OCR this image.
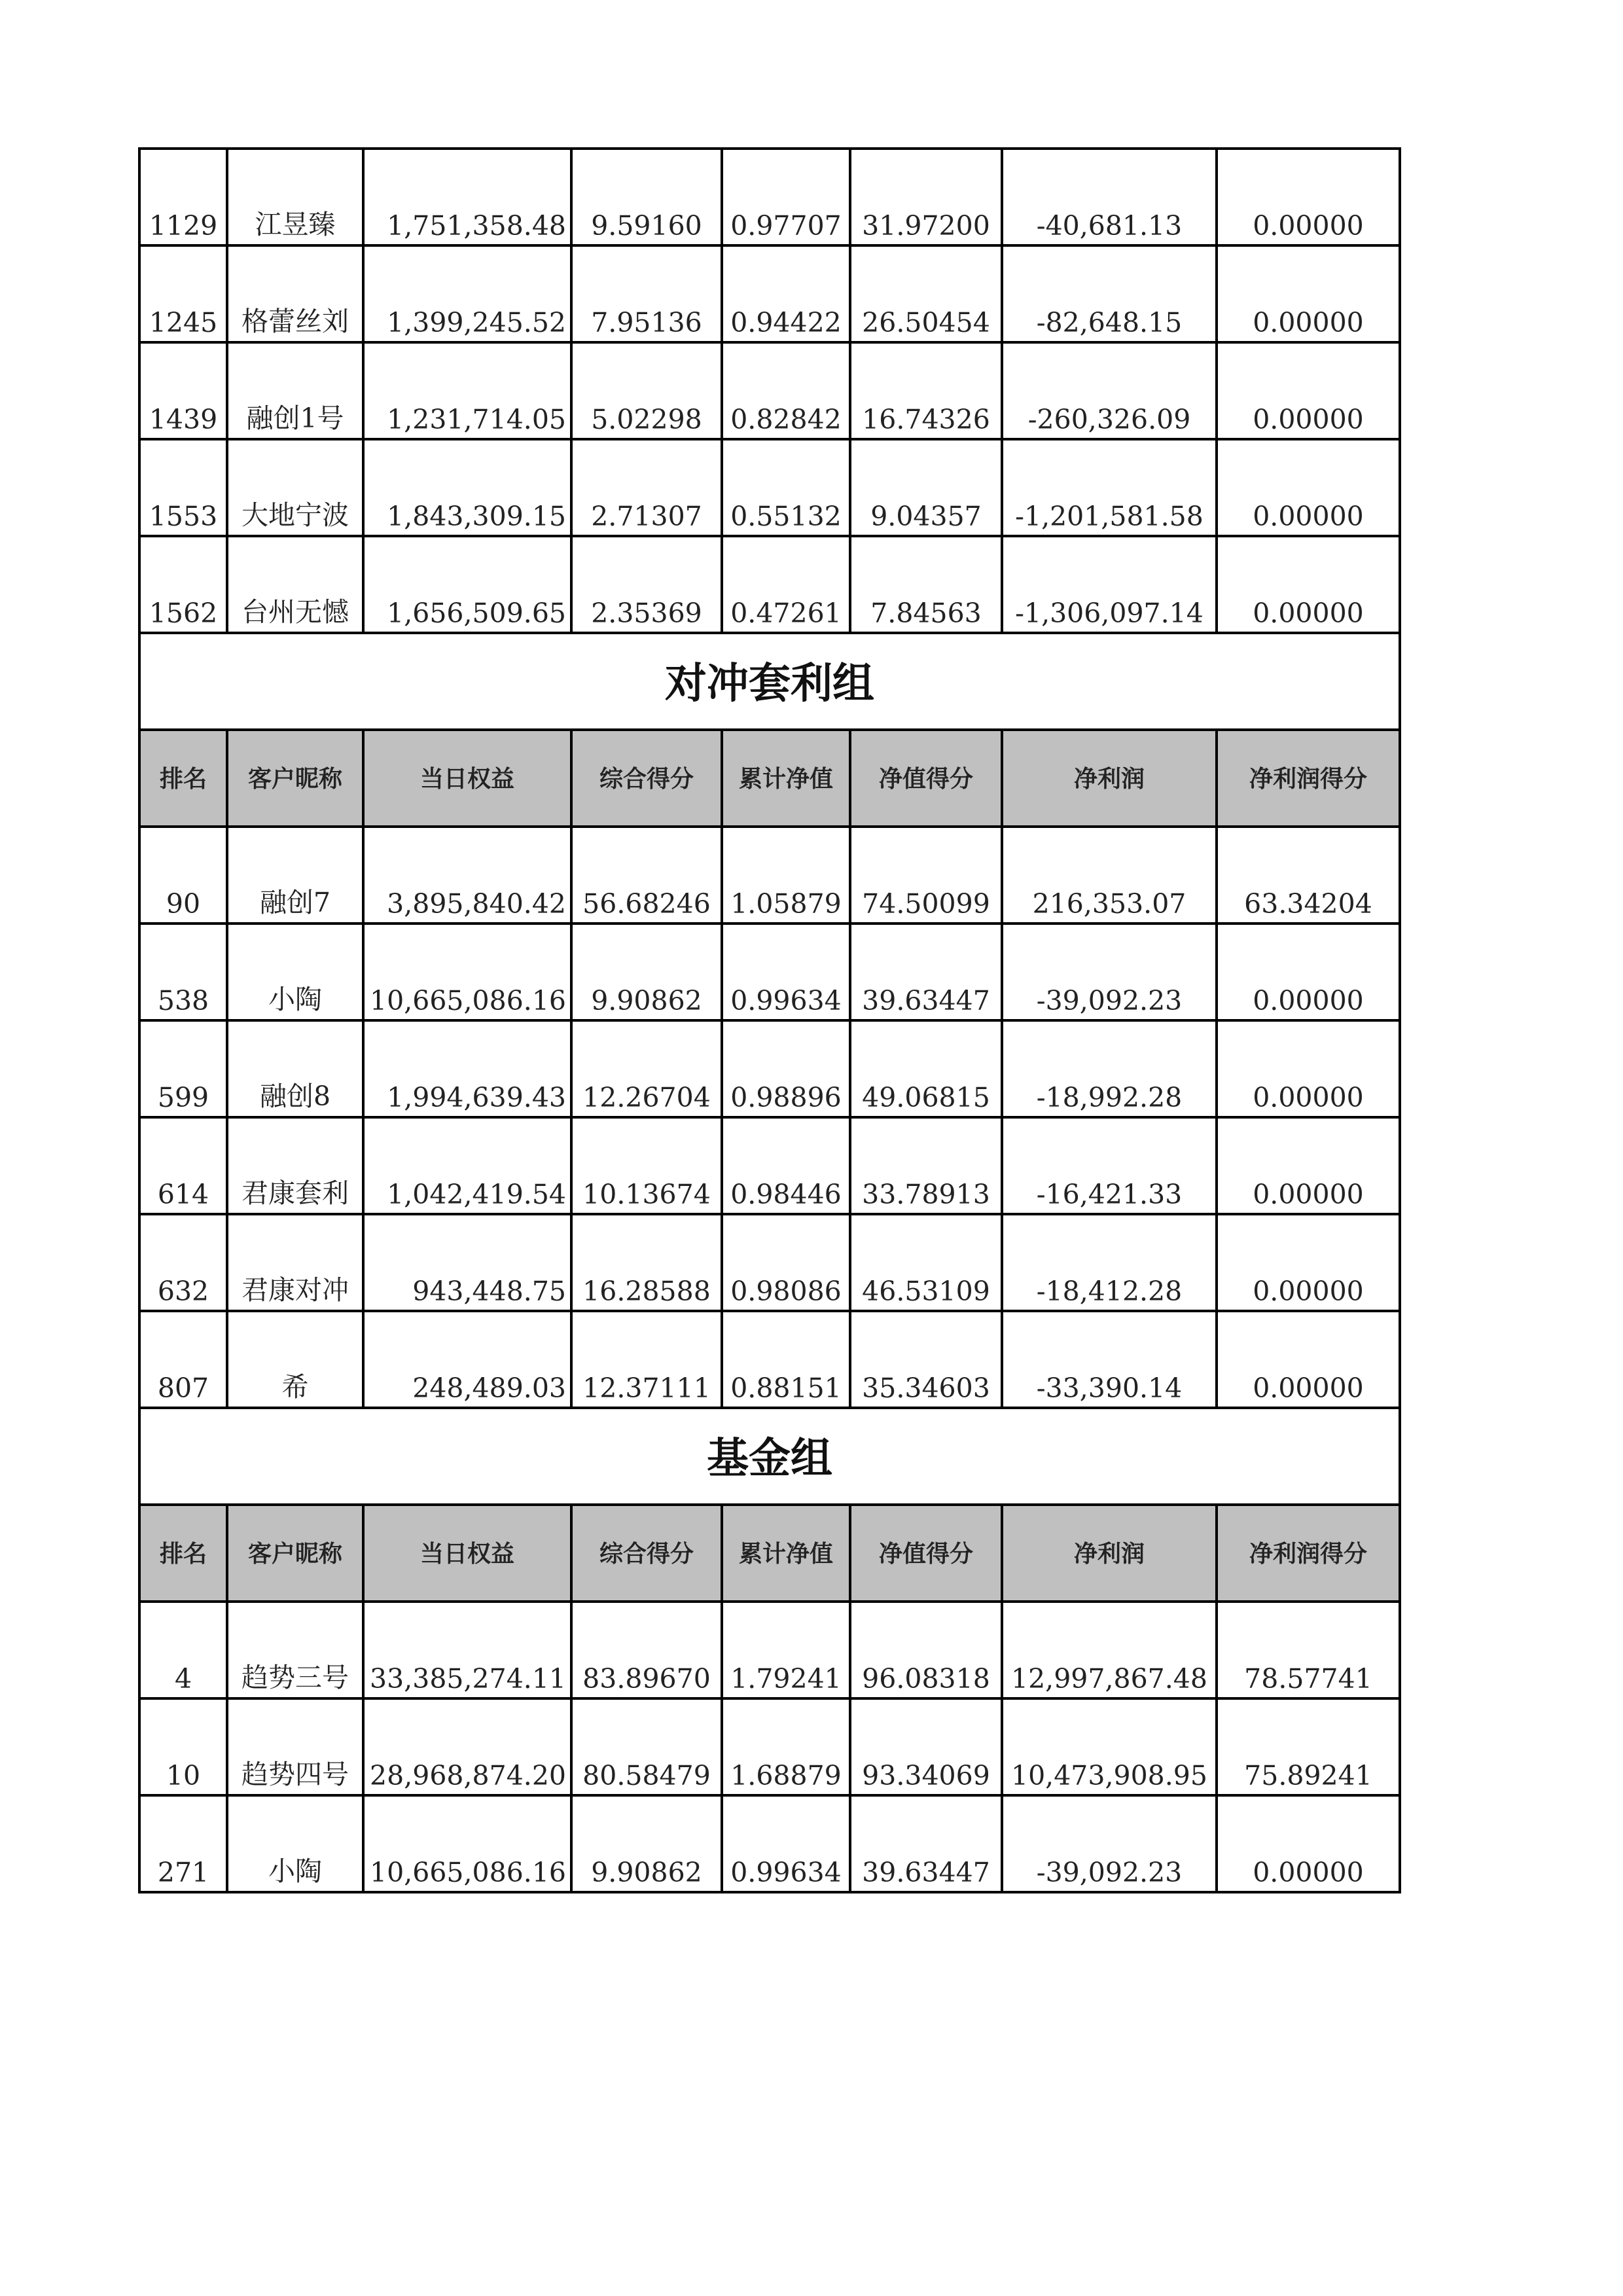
1129	江昱臻	1,751,358.48	9.59160	0.97707	31.97200	-40,681.13	0.00000
1245	格蕾丝刘	1,399,245.52	7.95136	0.94422	26.50454	-82,648.15	0.00000
1439	融创1号	1,231,714.05	5.02298	0.82842	16.74326	-260,326.09	0.00000
1553	大地宁波	1,843,309.15	2.71307	0.55132	9.04357	-1,201,581.58	0.00000
1562	台州无憾	1,656,509.65	2.35369	0.47261	7.84563	-1,306,097.14	0.00000
对冲套利组							
排名	客户昵称	当日权益	综合得分	累计净值	净值得分	净利润	净利润得分
90	融创7	3,895,840.42	56.68246	1.05879	74.50099	216,353.07	63.34204
538	小陶	10,665,086.16	9.90862	0.99634	39.63447	-39,092.23	0.00000
599	融创8	1,994,639.43	12.26704	0.98896	49.06815	-18,992.28	0.00000
614	君康套利	1,042,419.54	10.13674	0.98446	33.78913	-16,421.33	0.00000
632	君康对冲	943,448.75	16.28588	0.98086	46.53109	-18,412.28	0.00000
807	希	248,489.03	12.37111	0.88151	35.34603	-33,390.14	0.00000
基金组							
排名	客户昵称	当日权益	综合得分	累计净值	净值得分	净利润	净利润得分
4	趋势三号	33,385,274.11	83.89670	1.79241	96.08318	12,997,867.48	78.57741
10	趋势四号	28,968,874.20	80.58479	1.68879	93.34069	10,473,908.95	75.89241
271	小陶	10,665,086.16	9.90862	0.99634	39.63447	-39,092.23	0.00000
